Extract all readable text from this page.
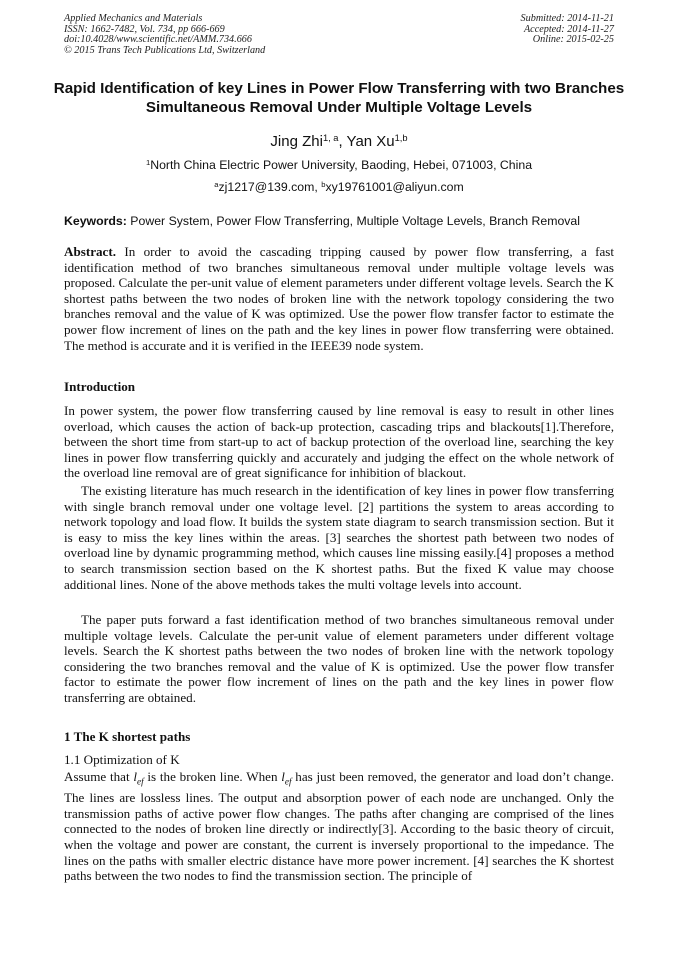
Applied Mechanics and Materials
ISSN: 1662-7482, Vol. 734, pp 666-669
doi:10.4028/www.scientific.net/AMM.734.666
© 2015 Trans Tech Publications Ltd, Switzerland
Submitted: 2014-11-21
Accepted: 2014-11-27
Online: 2015-02-25
Rapid Identification of key Lines in Power Flow Transferring with two Branches Simultaneous Removal Under Multiple Voltage Levels
Jing Zhi$^{1, a}$, Yan Xu$^{1,b}$
$^1$North China Electric Power University, Baoding, Hebei, 071003, China
$^a$zj1217@139.com, $^b$xy19761001@aliyun.com
Keywords: Power System, Power Flow Transferring, Multiple Voltage Levels, Branch Removal
Abstract. In order to avoid the cascading tripping caused by power flow transferring, a fast identification method of two branches simultaneous removal under multiple voltage levels was proposed. Calculate the per-unit value of element parameters under different voltage levels. Search the K shortest paths between the two nodes of broken line with the network topology considering the two branches removal and the value of K was optimized. Use the power flow transfer factor to estimate the power flow increment of lines on the path and the key lines in power flow transferring were obtained. The method is accurate and it is verified in the IEEE39 node system.
Introduction
In power system, the power flow transferring caused by line removal is easy to result in other lines overload, which causes the action of back-up protection, cascading trips and blackouts[1].Therefore, between the short time from start-up to act of backup protection of the overload line, searching the key lines in power flow transferring quickly and accurately and judging the effect on the whole network of the overload line removal are of great significance for inhibition of blackout.
The existing literature has much research in the identification of key lines in power flow transferring with single branch removal under one voltage level. [2] partitions the system to areas according to network topology and load flow. It builds the system state diagram to search transmission section. But it is easy to miss the key lines within the areas. [3] searches the shortest path between two nodes of overload line by dynamic programming method, which causes line missing easily.[4] proposes a method to search transmission section based on the K shortest paths. But the fixed K value may choose additional lines. None of the above methods takes the multi voltage levels into account.
The paper puts forward a fast identification method of two branches simultaneous removal under multiple voltage levels. Calculate the per-unit value of element parameters under different voltage levels. Search the K shortest paths between the two nodes of broken line with the network topology considering the two branches removal and the value of K is optimized. Use the power flow transfer factor to estimate the power flow increment of lines on the path and the key lines in power flow transferring are obtained.
1 The K shortest paths
1.1 Optimization of K
Assume that $l_{ef}$ is the broken line. When $l_{ef}$ has just been removed, the generator and load don’t change. The lines are lossless lines. The output and absorption power of each node are unchanged. Only the transmission paths of active power flow changes. The paths after changing are comprised of the lines connected to the nodes of broken line directly or indirectly[3]. According to the basic theory of circuit, when the voltage and power are constant, the current is inversely proportional to the impedance. The lines on the paths with smaller electric distance have more power increment. [4] searches the K shortest paths between the two nodes to find the transmission section. The principle of
